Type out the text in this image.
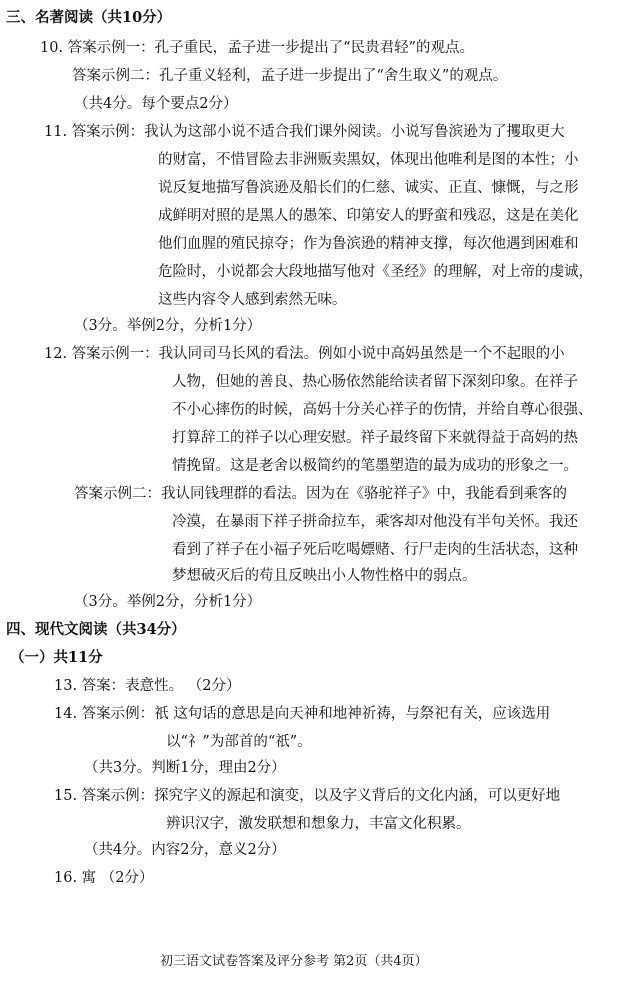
三、名著阅读（共10分）
10. 答案示例一：孔子重民，孟子进一步提出了“民贵君轻”的观点。
答案示例二：孔子重义轻利，孟子进一步提出了“舍生取义”的观点。
（共4分。每个要点2分）
11. 答案示例：我认为这部小说不适合我们课外阅读。小说写鲁滨逊为了攫取更大
的财富，不惜冒险去非洲贩卖黑奴，体现出他唯利是图的本性；小
说反复地描写鲁滨逊及船长们的仁慈、诚实、正直、慷慨，与之形
成鲜明对照的是黑人的愚笨、印第安人的野蛮和残忍，这是在美化
他们血腥的殖民掠夺；作为鲁滨逊的精神支撑，每次他遇到困难和
危险时，小说都会大段地描写他对《圣经》的理解，对上帝的虔诚，
这些内容令人感到索然无味。
（3分。举例2分，分析1分）
12. 答案示例一：我认同司马长风的看法。例如小说中高妈虽然是一个不起眼的小
人物，但她的善良、热心肠依然能给读者留下深刻印象。在祥子
不小心摔伤的时候，高妈十分关心祥子的伤情，并给自尊心很强、
打算辞工的祥子以心理安慰。祥子最终留下来就得益于高妈的热
情挽留。这是老舍以极简约的笔墨塑造的最为成功的形象之一。
答案示例二：我认同钱理群的看法。因为在《骆驼祥子》中，我能看到乘客的
冷漠，在暴雨下祥子拼命拉车，乘客却对他没有半句关怀。我还
看到了祥子在小福子死后吃喝嫖赌、行尸走肉的生活状态，这种
梦想破灭后的苟且反映出小人物性格中的弱点。
（3分。举例2分，分析1分）
四、现代文阅读（共34分）
（一）共11分
13. 答案：表意性。 （2分）
14. 答案示例：祇 这句话的意思是向天神和地神祈祷，与祭祀有关，应该选用
以“礻”为部首的“祇”。
（共3分。判断1分，理由2分）
15. 答案示例：探究字义的源起和演变，以及字义背后的文化内涵，可以更好地
辨识汉字，激发联想和想象力，丰富文化积累。
（共4分。内容2分，意义2分）
16. 寓 （2分）
初三语文试卷答案及评分参考 第2页（共4页）
